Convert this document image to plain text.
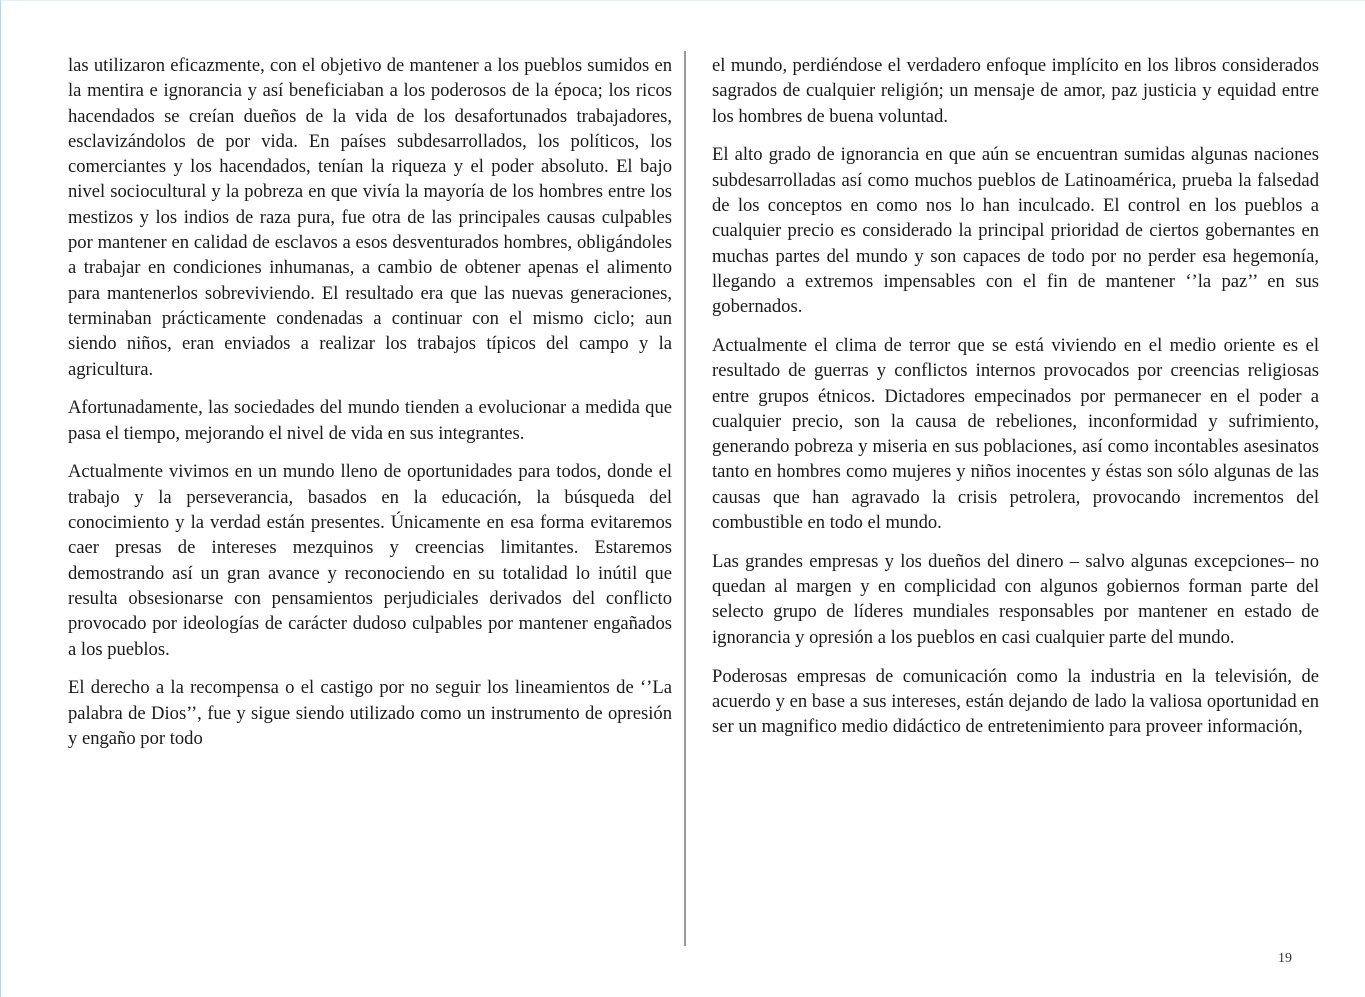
las utilizaron eficazmente, con el objetivo de mantener a los pueblos sumidos en la mentira e ignorancia y así beneficiaban a los poderosos de la época; los ricos hacendados se creían dueños de la vida de los desafortunados trabajadores, esclavizándolos de por vida. En países subdesarrollados, los políticos, los comerciantes y los hacendados, tenían la riqueza y el poder absoluto. El bajo nivel sociocultural y la pobreza en que vivía la mayoría de los hombres entre los mestizos y los indios de raza pura, fue otra de las principales causas culpables por mantener en calidad de esclavos a esos desventurados hombres, obligándoles a trabajar en condiciones inhumanas, a cambio de obtener apenas el alimento para mantenerlos sobreviviendo. El resultado era que las nuevas generaciones, terminaban prácticamente condenadas a continuar con el mismo ciclo; aun siendo niños, eran enviados a realizar los trabajos típicos del campo y la agricultura.

Afortunadamente, las sociedades del mundo tienden a evolucionar a medida que pasa el tiempo, mejorando el nivel de vida en sus integrantes.

Actualmente vivimos en un mundo lleno de oportunidades para todos, donde el trabajo y la perseverancia, basados en la educación, la búsqueda del conocimiento y la verdad están presentes. Únicamente en esa forma evitaremos caer presas de intereses mezquinos y creencias limitantes. Estaremos demostrando así un gran avance y reconociendo en su totalidad lo inútil que resulta obsesionarse con pensamientos perjudiciales derivados del conflicto provocado por ideologías de carácter dudoso culpables por mantener engañados a los pueblos.

El derecho a la recompensa o el castigo por no seguir los lineamientos de ‘’La palabra de Dios’’, fue y sigue siendo utilizado como un instrumento de opresión y engaño por todo

el mundo, perdiéndose el verdadero enfoque implícito en los libros considerados sagrados de cualquier religión; un mensaje de amor, paz justicia y equidad entre los hombres de buena voluntad.

El alto grado de ignorancia en que aún se encuentran sumidas algunas naciones subdesarrolladas así como muchos pueblos de Latinoamérica, prueba la falsedad de los conceptos en como nos lo han inculcado. El control en los pueblos a cualquier precio es considerado la principal prioridad de ciertos gobernantes en muchas partes del mundo y son capaces de todo por no perder esa hegemonía, llegando a extremos impensables con el fin de mantener ‘’la paz’’ en sus gobernados.

Actualmente el clima de terror que se está viviendo en el medio oriente es el resultado de guerras y conflictos internos provocados por creencias religiosas entre grupos étnicos. Dictadores empecinados por permanecer en el poder a cualquier precio, son la causa de rebeliones, inconformidad y sufrimiento, generando pobreza y miseria en sus poblaciones, así como incontables asesinatos tanto en hombres como mujeres y niños inocentes y éstas son sólo algunas de las causas que han agravado la crisis petrolera, provocando incrementos del combustible en todo el mundo.

Las grandes empresas y los dueños del dinero – salvo algunas excepciones– no quedan al margen y en complicidad con algunos gobiernos forman parte del selecto grupo de líderes mundiales responsables por mantener en estado de ignorancia y opresión a los pueblos en casi cualquier parte del mundo.

Poderosas empresas de comunicación como la industria en la televisión, de acuerdo y en base a sus intereses, están dejando de lado la valiosa oportunidad en ser un magnifico medio didáctico de entretenimiento para proveer información,

19
